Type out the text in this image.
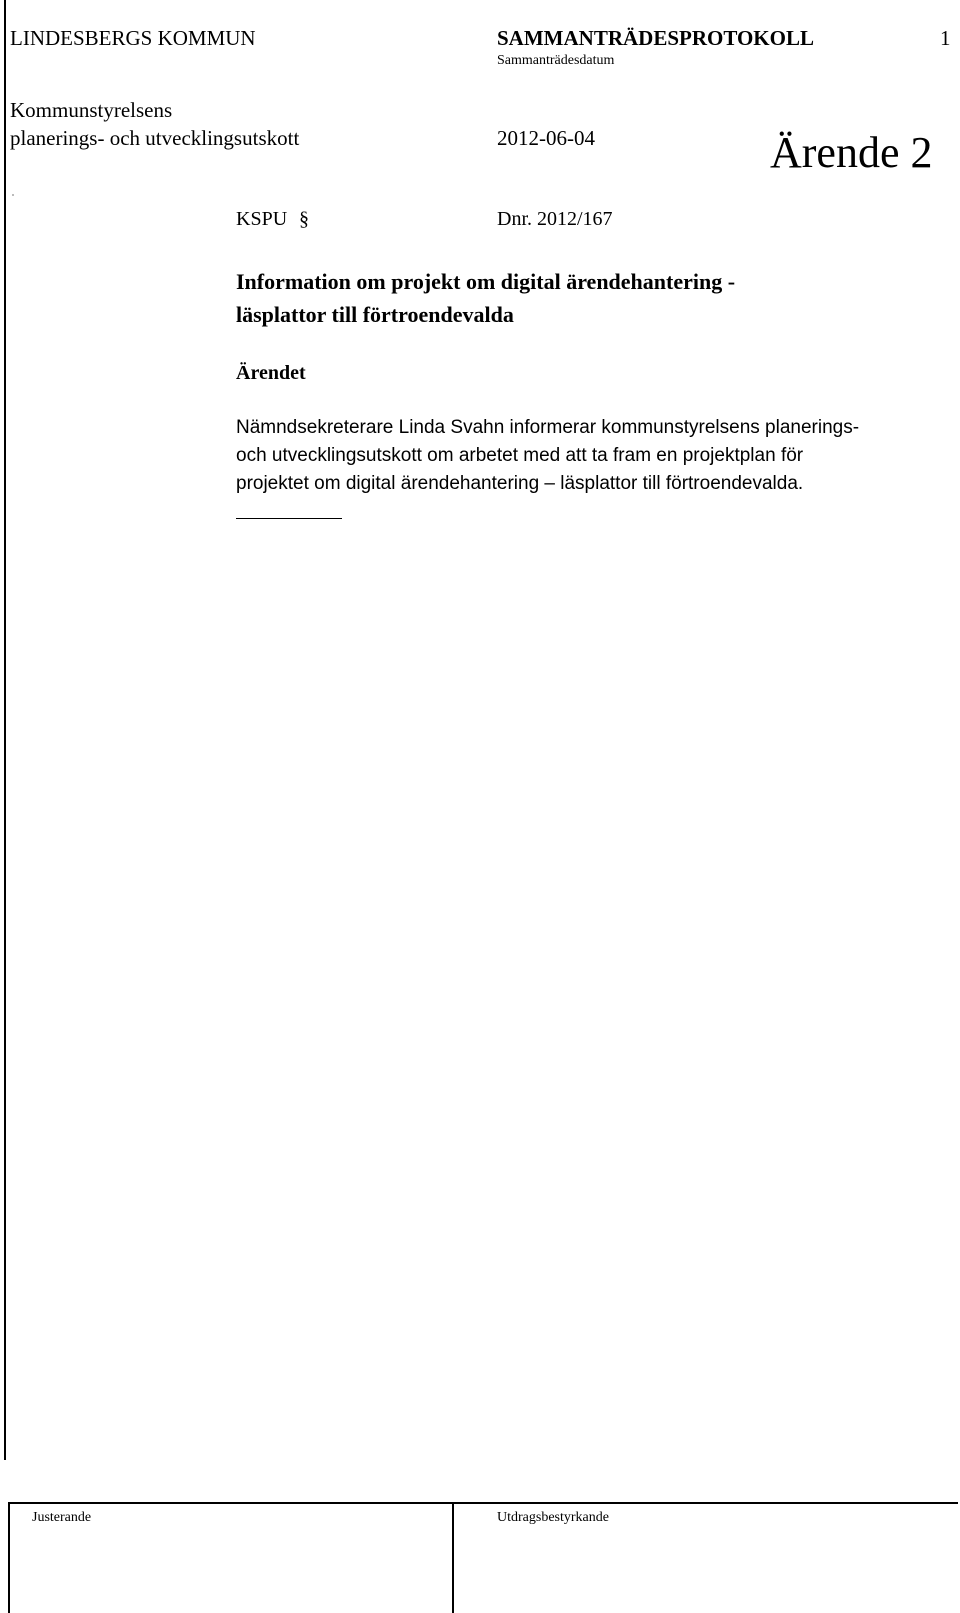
LINDESBERGS KOMMUN	SAMMANTRÄDESPROTOKOLL	1
Sammanträdesdatum
Kommunstyrelsens
planerings- och utvecklingsutskott	2012-06-04	Ärende 2
KSPU §	Dnr. 2012/167
Information om projekt om digital ärendehantering -
läsplattor till förtroendevalda
Ärendet
Nämndsekreterare Linda Svahn informerar kommunstyrelsens planerings-
och utvecklingsutskott om arbetet med att ta fram en projektplan för
projektet om digital ärendehantering – läsplattor till förtroendevalda.
Justerande	Utdragsbestyrkande
